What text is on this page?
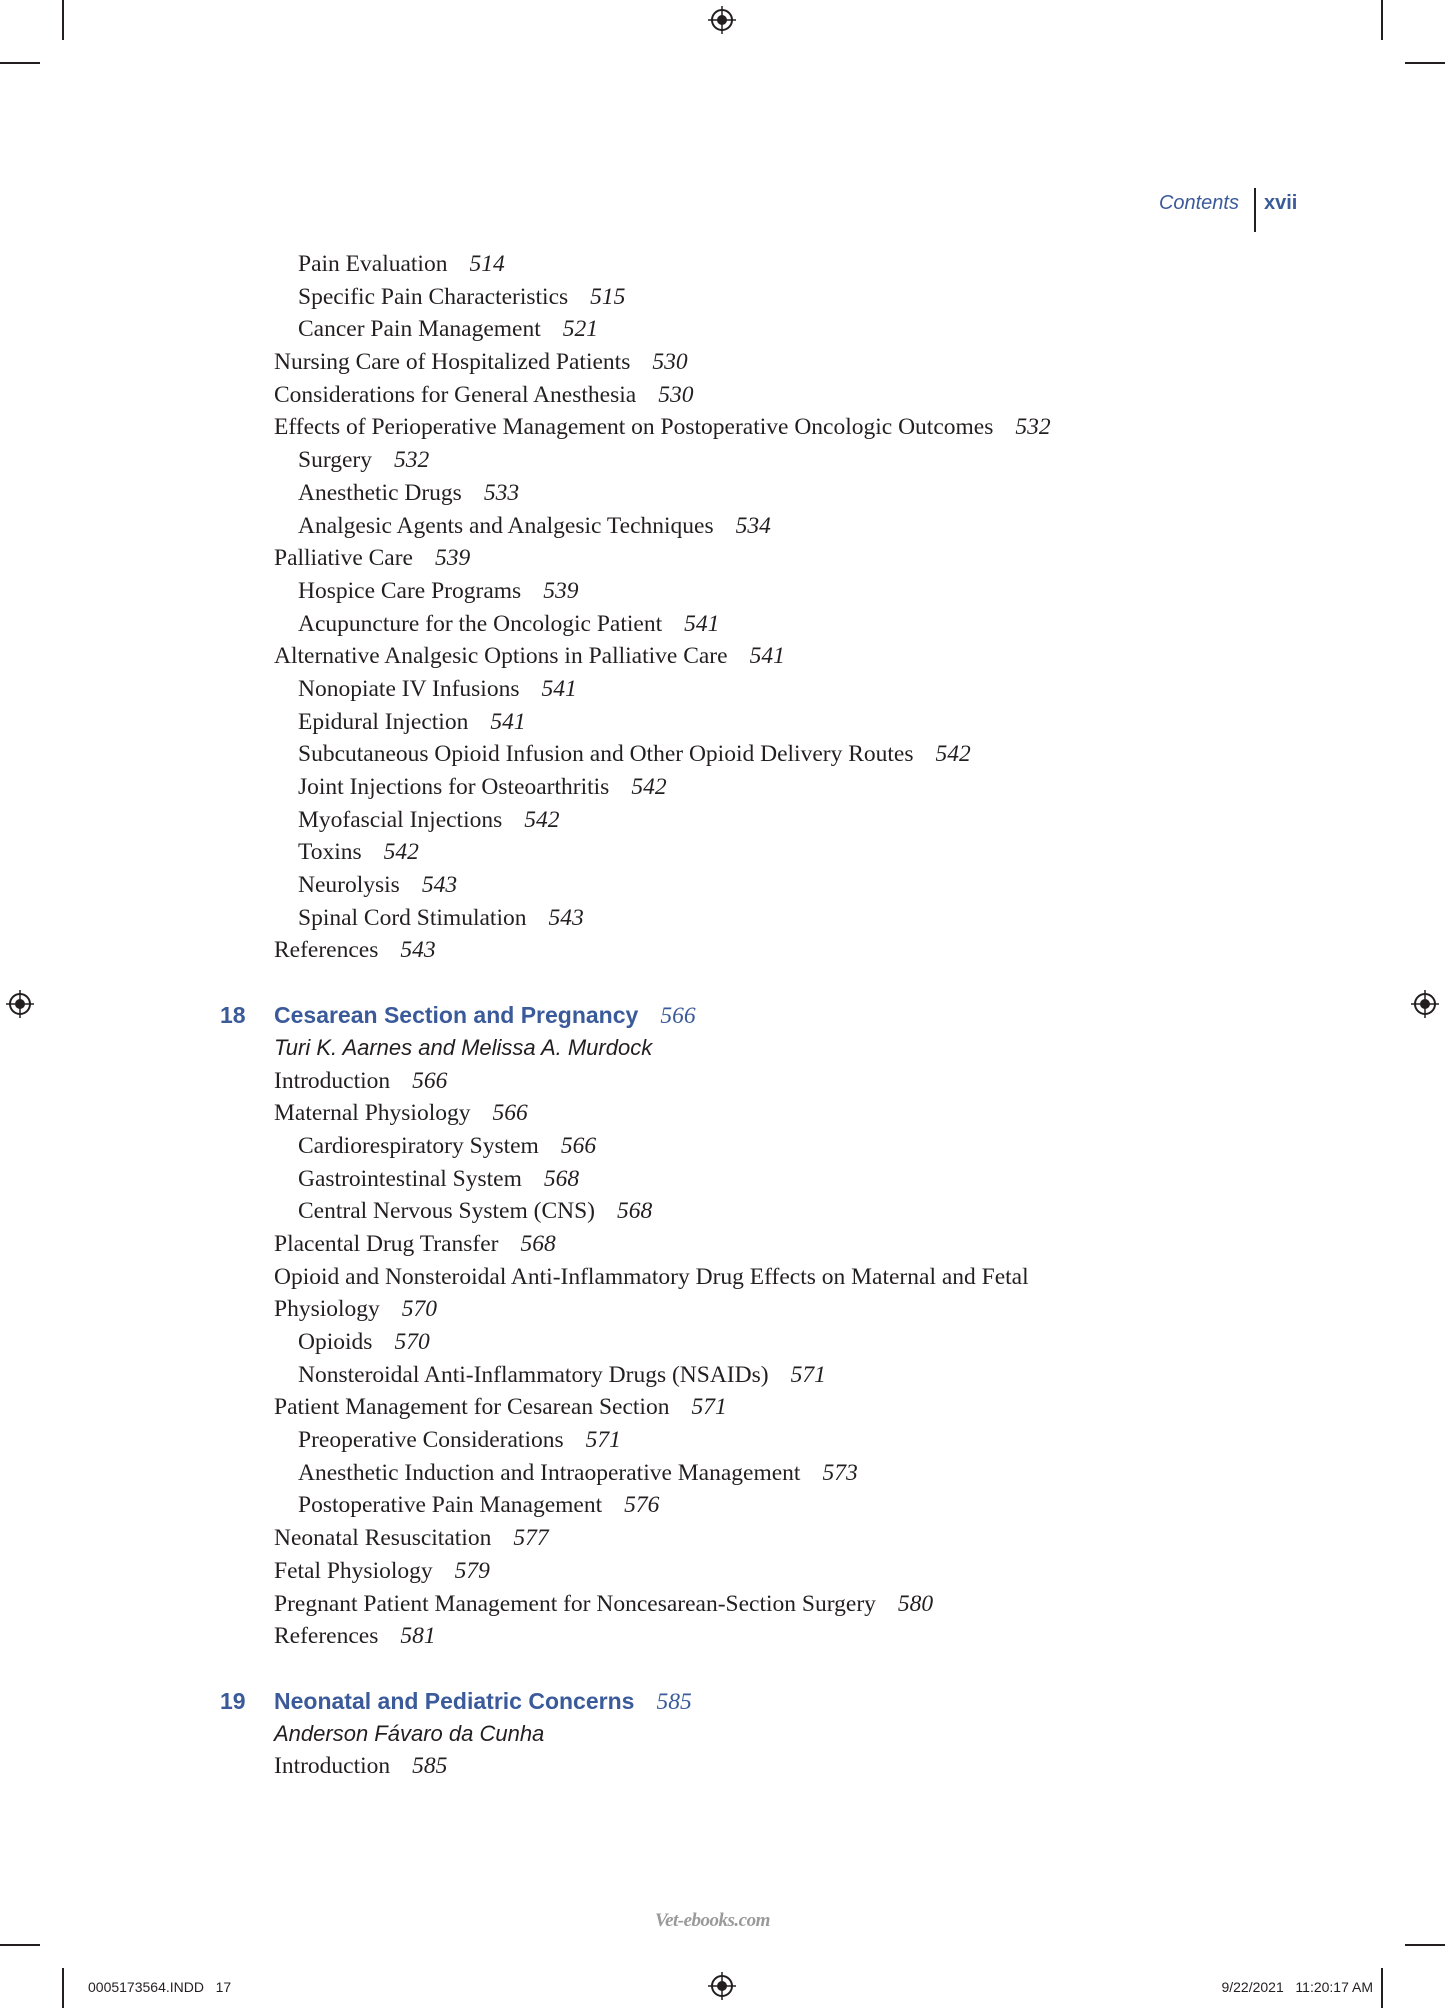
Contents xvii
Pain Evaluation 514
Specific Pain Characteristics 515
Cancer Pain Management 521
Nursing Care of Hospitalized Patients 530
Considerations for General Anesthesia 530
Effects of Perioperative Management on Postoperative Oncologic Outcomes 532
Surgery 532
Anesthetic Drugs 533
Analgesic Agents and Analgesic Techniques 534
Palliative Care 539
Hospice Care Programs 539
Acupuncture for the Oncologic Patient 541
Alternative Analgesic Options in Palliative Care 541
Nonopiate IV Infusions 541
Epidural Injection 541
Subcutaneous Opioid Infusion and Other Opioid Delivery Routes 542
Joint Injections for Osteoarthritis 542
Myofascial Injections 542
Toxins 542
Neurolysis 543
Spinal Cord Stimulation 543
References 543
18 Cesarean Section and Pregnancy 566
Turi K. Aarnes and Melissa A. Murdock
Introduction 566
Maternal Physiology 566
Cardiorespiratory System 566
Gastrointestinal System 568
Central Nervous System (CNS) 568
Placental Drug Transfer 568
Opioid and Nonsteroidal Anti-Inflammatory Drug Effects on Maternal and Fetal
Physiology 570
Opioids 570
Nonsteroidal Anti-Inflammatory Drugs (NSAIDs) 571
Patient Management for Cesarean Section 571
Preoperative Considerations 571
Anesthetic Induction and Intraoperative Management 573
Postoperative Pain Management 576
Neonatal Resuscitation 577
Fetal Physiology 579
Pregnant Patient Management for Noncesarean-Section Surgery 580
References 581
19 Neonatal and Pediatric Concerns 585
Anderson Fávaro da Cunha
Introduction 585
Vet-ebooks.com
0005173564.INDD   17	9/22/2021   11:20:17 AM
